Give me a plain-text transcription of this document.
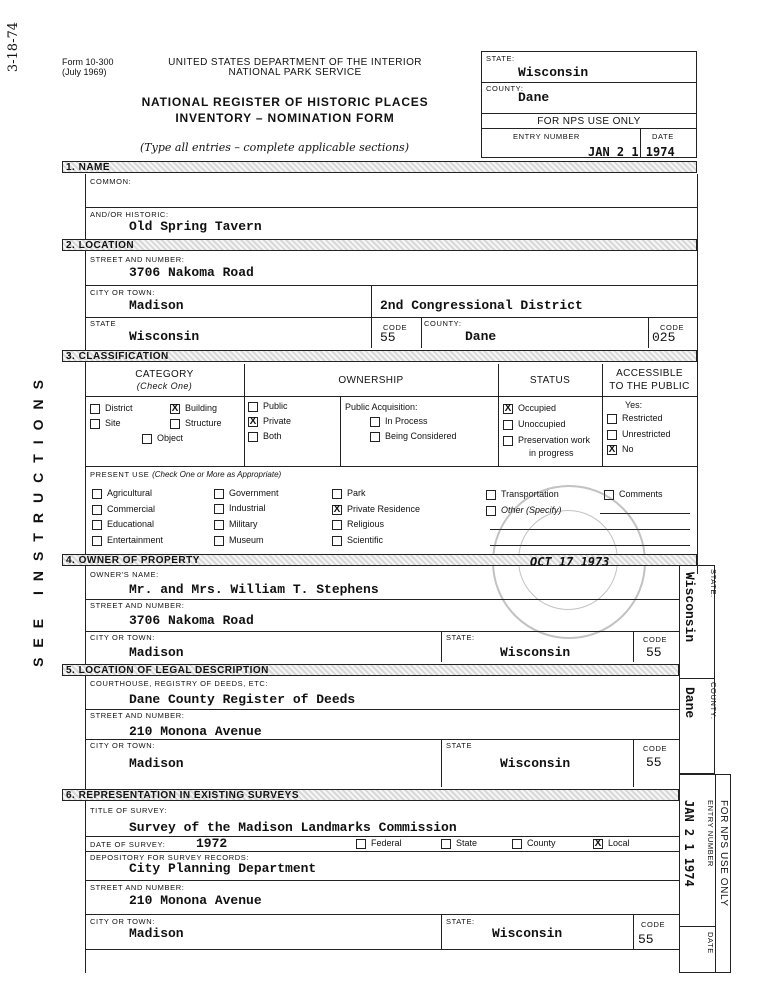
3-18-74
SEE INSTRUCTIONS
Form 10-300
(July 1969)
UNITED STATES DEPARTMENT OF THE INTERIOR
NATIONAL PARK SERVICE
NATIONAL REGISTER OF HISTORIC PLACES
INVENTORY – NOMINATION FORM
(Type all entries – complete applicable sections)
STATE:
Wisconsin
COUNTY:
Dane
FOR NPS USE ONLY
ENTRY NUMBER	DATE
JAN 2 1 1974
1. NAME
COMMON:
AND/OR HISTORIC:
Old Spring Tavern
2. LOCATION
STREET AND NUMBER:
3706 Nakoma Road
CITY OR TOWN:
Madison	2nd Congressional District
STATE
Wisconsin
CODE
55
COUNTY:
Dane
CODE
025
3. CLASSIFICATION
CATEGORY
(Check One)	OWNERSHIP	STATUS
ACCESSIBLE
TO THE PUBLIC
District	X Building
Site	Structure
Object
Public
X Private
Both
Public Acquisition:
In Process
Being Considered
X Occupied
Unoccupied
Preservation work
in progress
Yes:
Restricted
Unrestricted
X No
PRESENT USE (Check One or More as Appropriate)
Agricultural
Commercial
Educational
Entertainment
Government
Industrial
Military
Museum
Park
X Private Residence
Religious
Scientific
Transportation
Other (Specify)
Comments
4. OWNER OF PROPERTY	OCT 17 1973
OWNER'S NAME:
Mr. and Mrs. William T. Stephens
STREET AND NUMBER:
3706 Nakoma Road
CITY OR TOWN:
Madison
STATE:
Wisconsin
CODE
55
5. LOCATION OF LEGAL DESCRIPTION
COURTHOUSE, REGISTRY OF DEEDS, ETC:
Dane County Register of Deeds
STREET AND NUMBER:
210 Monona Avenue
CITY OR TOWN:
Madison
STATE
Wisconsin
CODE
55
6. REPRESENTATION IN EXISTING SURVEYS
TITLE OF SURVEY:
Survey of the Madison Landmarks Commission
DATE OF SURVEY: 1972	Federal	State	County	X Local
DEPOSITORY FOR SURVEY RECORDS:
City Planning Department
STREET AND NUMBER:
210 Monona Avenue
CITY OR TOWN:
Madison
STATE:
Wisconsin
CODE
55
STATE:
Wisconsin
COUNTY:
Dane
JAN 2 1 1974	ENTRY NUMBER
DATE
FOR NPS USE ONLY
